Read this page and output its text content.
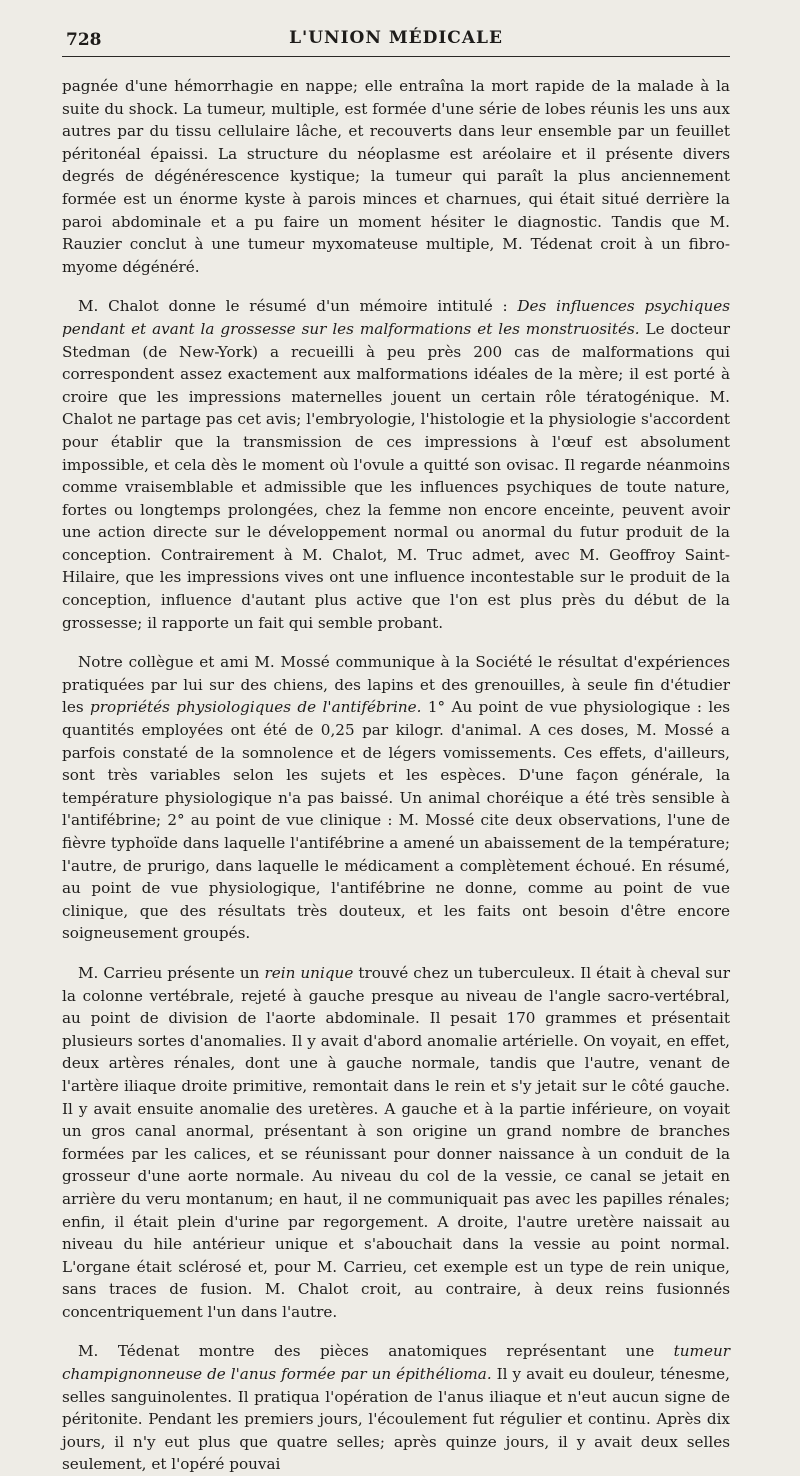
728	L'UNION MÉDICALE

pagnée d'une hémorrhagie en nappe; elle entraîna la mort rapide de la malade à la suite du shock. La tumeur, multiple, est formée d'une série de lobes réunis les uns aux autres par du tissu cellulaire lâche, et recouverts dans leur ensemble par un feuillet péritonéal épaissi. La structure du néoplasme est aréolaire et il présente divers degrés de dégénérescence kystique; la tumeur qui paraît la plus anciennement formée est un énorme kyste à parois minces et charnues, qui était situé derrière la paroi abdominale et a pu faire un moment hésiter le diagnostic. Tandis que M. Rauzier conclut à une tumeur myxomateuse multiple, M. Tédenat croit à un fibro-myome dégénéré.

M. Chalot donne le résumé d'un mémoire intitulé : Des influences psychiques pendant et avant la grossesse sur les malformations et les monstruosités. Le docteur Stedman (de New-York) a recueilli à peu près 200 cas de malformations qui correspondent assez exactement aux malformations idéales de la mère; il est porté à croire que les impressions maternelles jouent un certain rôle tératogénique. M. Chalot ne partage pas cet avis; l'embryologie, l'histologie et la physiologie s'accordent pour établir que la transmission de ces impressions à l'œuf est absolument impossible, et cela dès le moment où l'ovule a quitté son ovisac. Il regarde néanmoins comme vraisemblable et admissible que les influences psychiques de toute nature, fortes ou longtemps prolongées, chez la femme non encore enceinte, peuvent avoir une action directe sur le développement normal ou anormal du futur produit de la conception. Contrairement à M. Chalot, M. Truc admet, avec M. Geoffroy Saint-Hilaire, que les impressions vives ont une influence incontestable sur le produit de la conception, influence d'autant plus active que l'on est plus près du début de la grossesse; il rapporte un fait qui semble probant.

Notre collègue et ami M. Mossé communique à la Société le résultat d'expériences pratiquées par lui sur des chiens, des lapins et des grenouilles, à seule fin d'étudier les propriétés physiologiques de l'antifébrine. 1° Au point de vue physiologique : les quantités employées ont été de 0,25 par kilogr. d'animal. A ces doses, M. Mossé a parfois constaté de la somnolence et de légers vomissements. Ces effets, d'ailleurs, sont très variables selon les sujets et les espèces. D'une façon générale, la température physiologique n'a pas baissé. Un animal choréique a été très sensible à l'antifébrine; 2° au point de vue clinique : M. Mossé cite deux observations, l'une de fièvre typhoïde dans laquelle l'antifébrine a amené un abaissement de la température; l'autre, de prurigo, dans laquelle le médicament a complètement échoué. En résumé, au point de vue physiologique, l'antifébrine ne donne, comme au point de vue clinique, que des résultats très douteux, et les faits ont besoin d'être encore soigneusement groupés.

M. Carrieu présente un rein unique trouvé chez un tuberculeux. Il était à cheval sur la colonne vertébrale, rejeté à gauche presque au niveau de l'angle sacro-vertébral, au point de division de l'aorte abdominale. Il pesait 170 grammes et présentait plusieurs sortes d'anomalies. Il y avait d'abord anomalie artérielle. On voyait, en effet, deux artères rénales, dont une à gauche normale, tandis que l'autre, venant de l'artère iliaque droite primitive, remontait dans le rein et s'y jetait sur le côté gauche. Il y avait ensuite anomalie des uretères. A gauche et à la partie inférieure, on voyait un gros canal anormal, présentant à son origine un grand nombre de branches formées par les calices, et se réunissant pour donner naissance à un conduit de la grosseur d'une aorte normale. Au niveau du col de la vessie, ce canal se jetait en arrière du veru montanum; en haut, il ne communiquait pas avec les papilles rénales; enfin, il était plein d'urine par regorgement. A droite, l'autre uretère naissait au niveau du hile antérieur unique et s'abouchait dans la vessie au point normal. L'organe était sclérosé et, pour M. Carrieu, cet exemple est un type de rein unique, sans traces de fusion. M. Chalot croit, au contraire, à deux reins fusionnés concentriquement l'un dans l'autre.

M. Tédenat montre des pièces anatomiques représentant une tumeur champignonneuse de l'anus formée par un épithélioma. Il y avait eu douleur, ténesme, selles sanguinolentes. Il pratiqua l'opération de l'anus iliaque et n'eut aucun signe de péritonite. Pendant les premiers jours, l'écoulement fut régulier et continu. Après dix jours, il n'y eut plus que quatre selles; après quinze jours, il y avait deux selles seulement, et l'opéré pouvai
